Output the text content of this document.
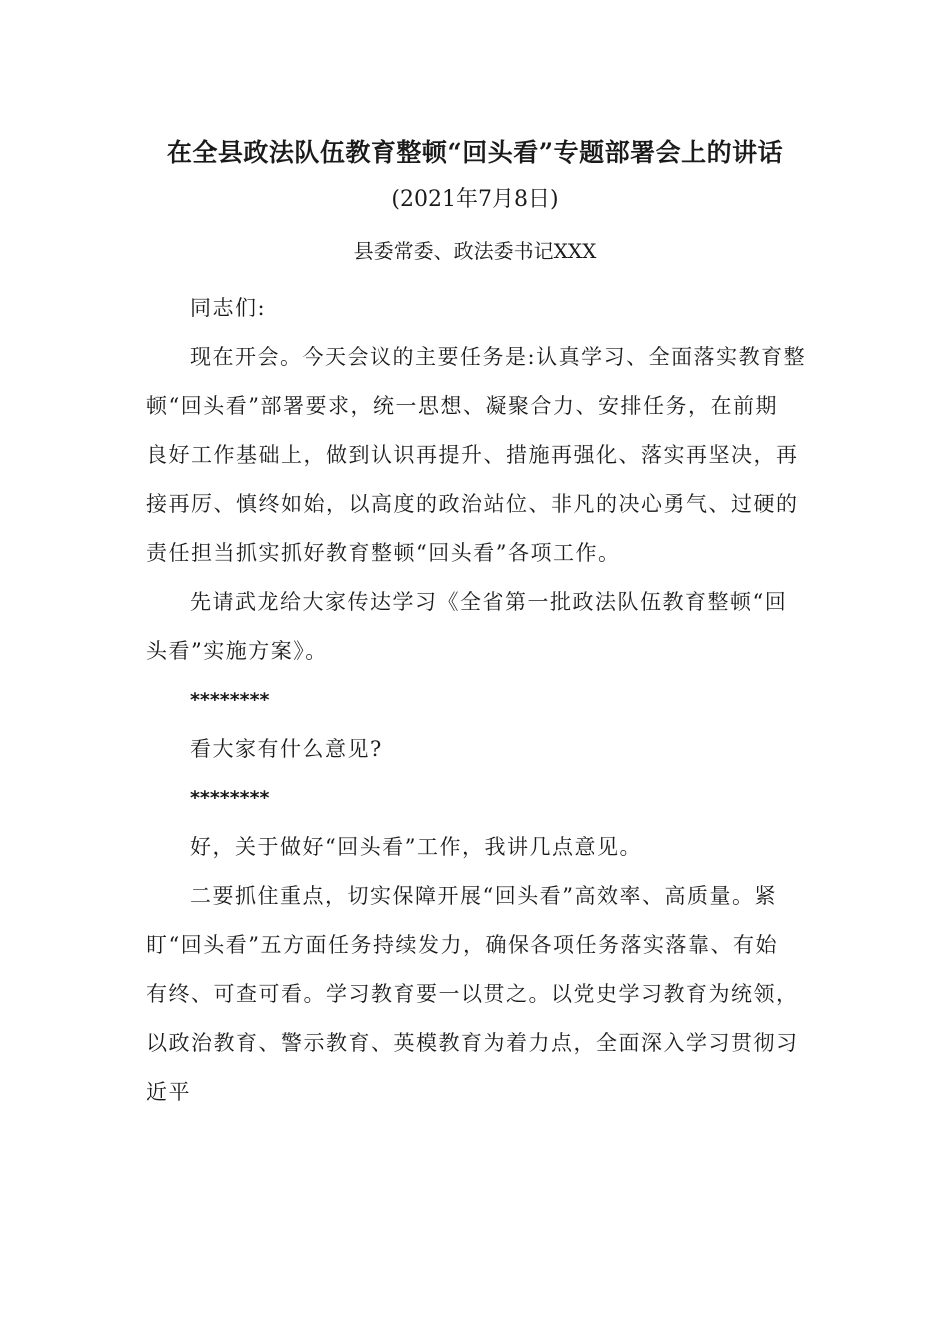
在全县政法队伍教育整顿“回头看”专题部署会上的讲话
(2021年7月8日)
县委常委、政法委书记XXX

同志们:

现在开会。今天会议的主要任务是:认真学习、全面落实教育整
顿“回头看”部署要求，统一思想、凝聚合力、安排任务，在前期
良好工作基础上，做到认识再提升、措施再强化、落实再坚决，再
接再厉、慎终如始，以高度的政治站位、非凡的决心勇气、过硬的
责任担当抓实抓好教育整顿“回头看”各项工作。

先请武龙给大家传达学习《全省第一批政法队伍教育整顿“回
头看”实施方案》。

********

看大家有什么意见?

********

好，关于做好“回头看”工作，我讲几点意见。

二要抓住重点，切实保障开展“回头看”高效率、高质量。紧
盯“回头看”五方面任务持续发力，确保各项任务落实落靠、有始
有终、可查可看。学习教育要一以贯之。以党史学习教育为统领，
以政治教育、警示教育、英模教育为着力点，全面深入学习贯彻习
近平
